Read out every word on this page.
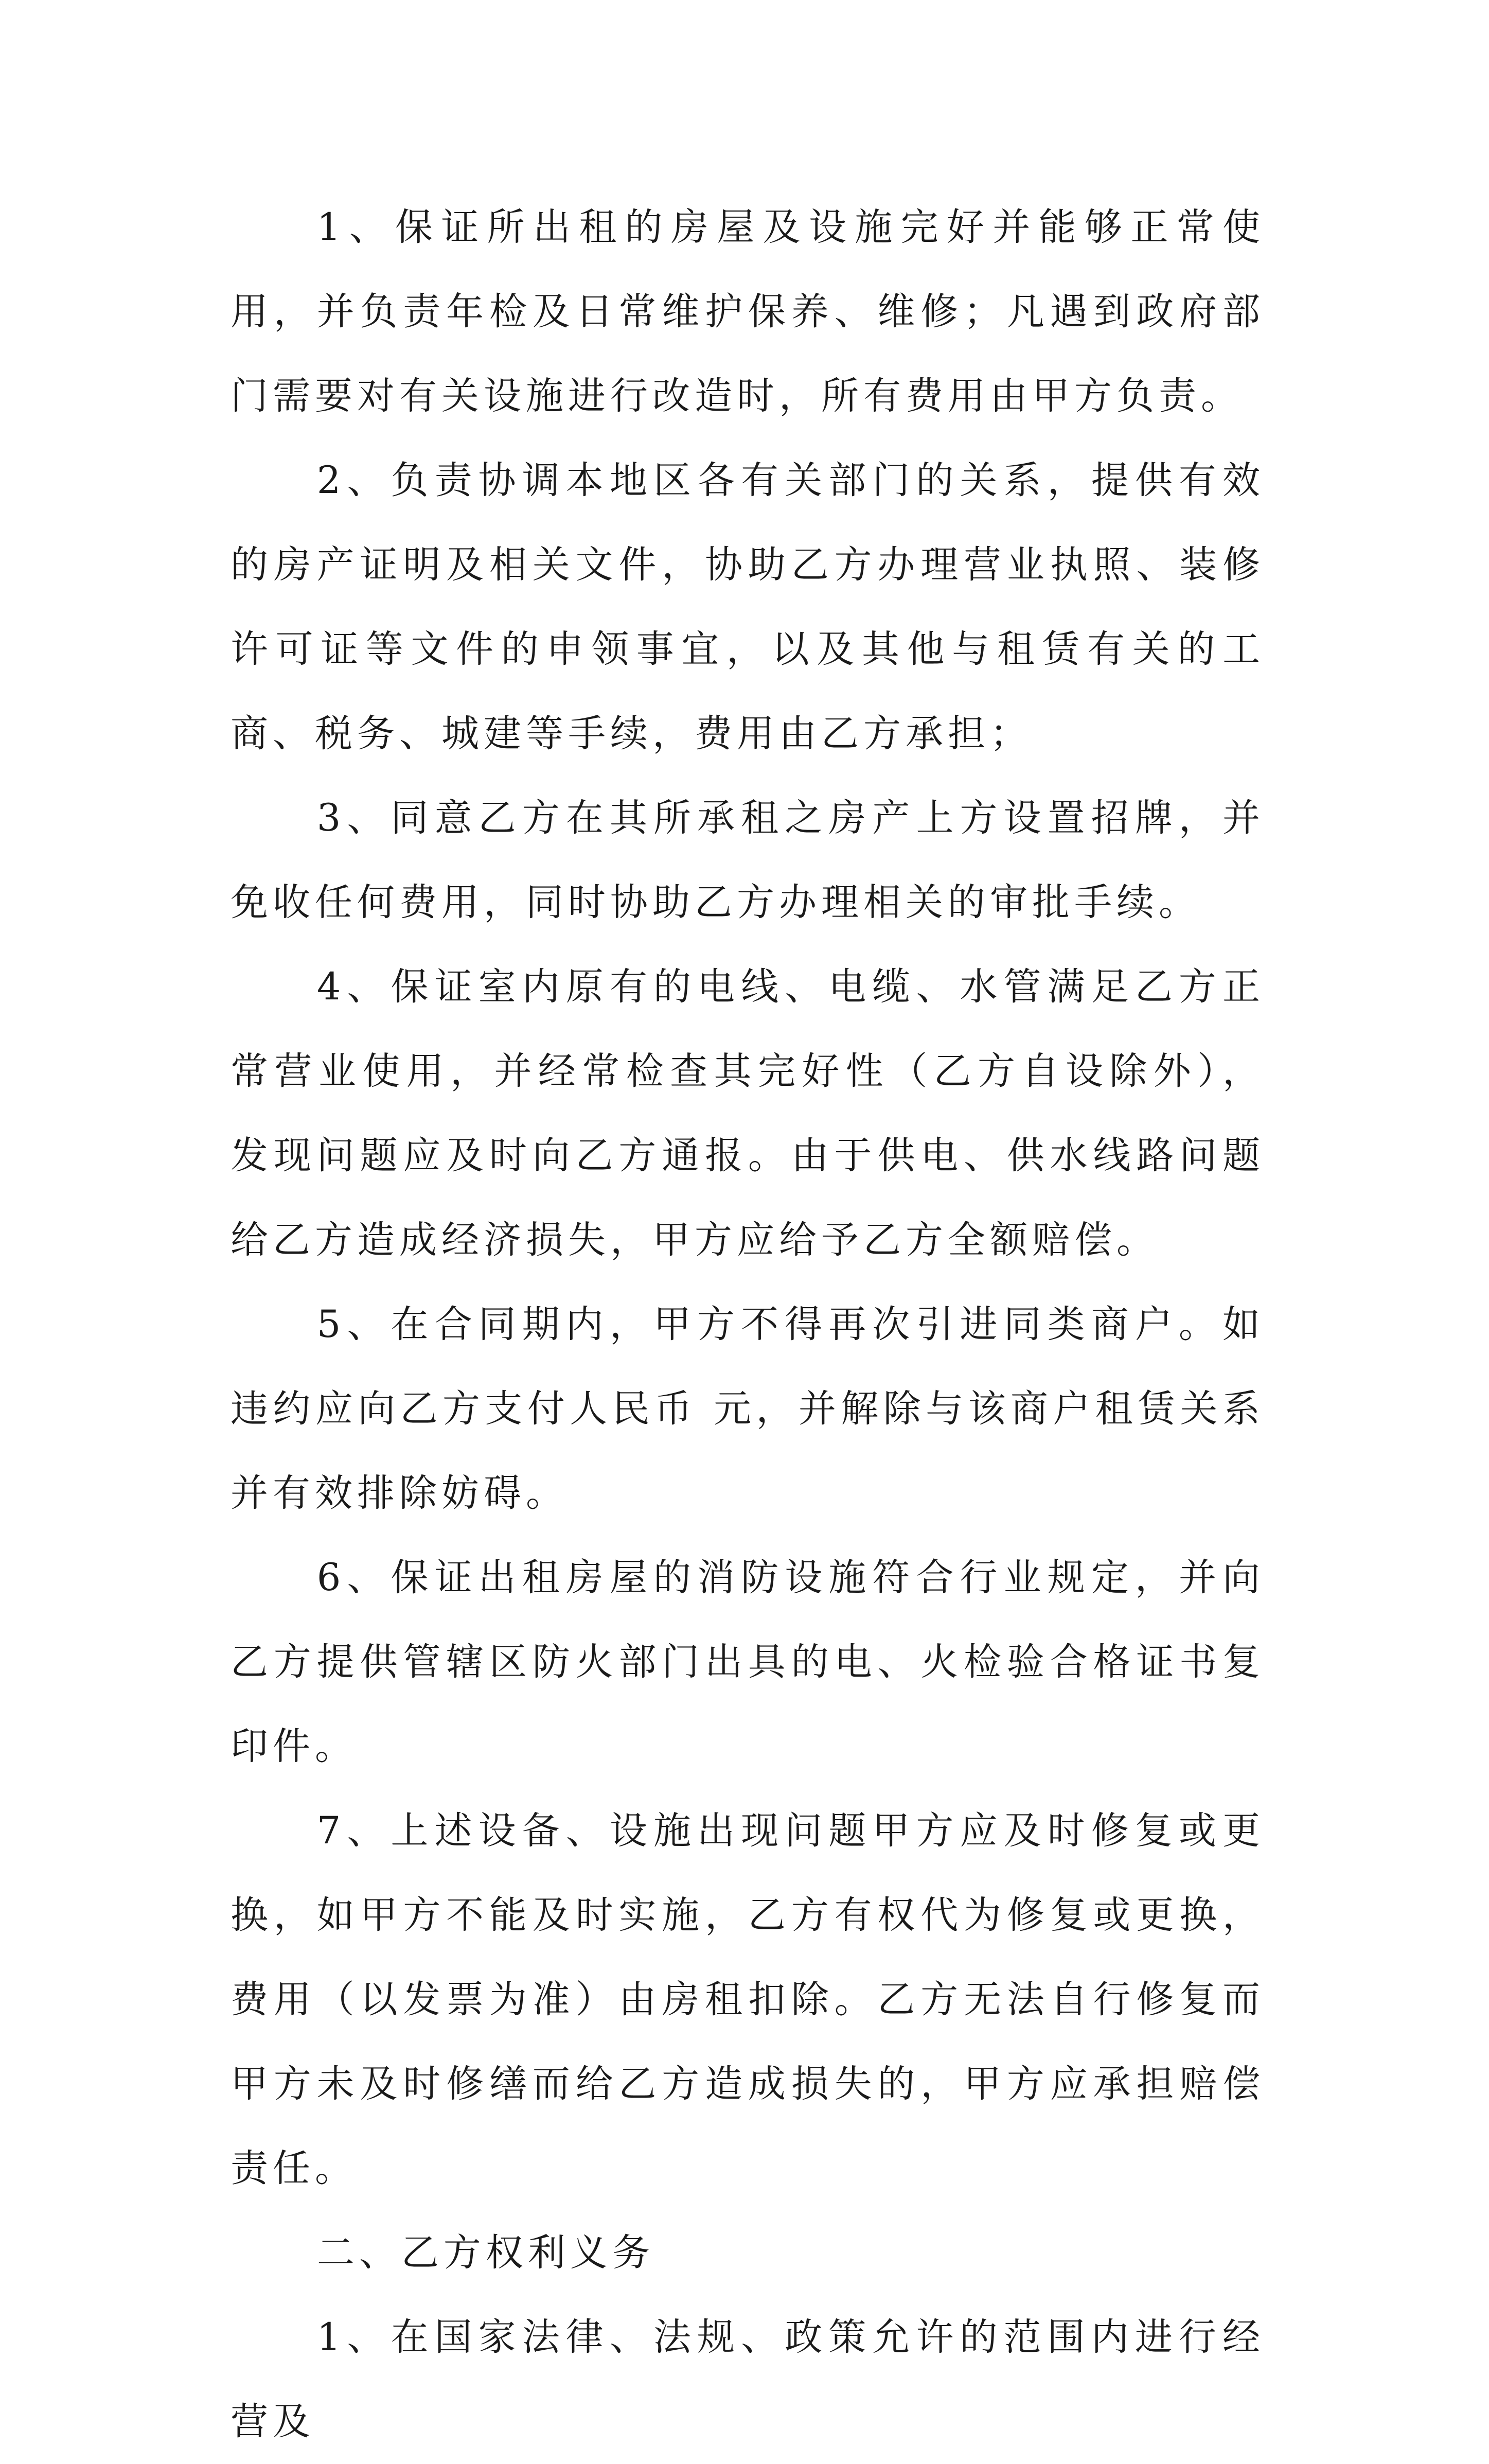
1、保证所出租的房屋及设施完好并能够正常使用，并负责年检及日常维护保养、维修；凡遇到政府部门需要对有关设施进行改造时，所有费用由甲方负责。

2、负责协调本地区各有关部门的关系，提供有效的房产证明及相关文件，协助乙方办理营业执照、装修许可证等文件的申领事宜，以及其他与租赁有关的工商、税务、城建等手续，费用由乙方承担；

3、同意乙方在其所承租之房产上方设置招牌，并免收任何费用，同时协助乙方办理相关的审批手续。

4、保证室内原有的电线、电缆、水管满足乙方正常营业使用，并经常检查其完好性（乙方自设除外），发现问题应及时向乙方通报。由于供电、供水线路问题给乙方造成经济损失，甲方应给予乙方全额赔偿。

5、在合同期内，甲方不得再次引进同类商户。如违约应向乙方支付人民币 元，并解除与该商户租赁关系并有效排除妨碍。

6、保证出租房屋的消防设施符合行业规定，并向乙方提供管辖区防火部门出具的电、火检验合格证书复印件。

7、上述设备、设施出现问题甲方应及时修复或更换，如甲方不能及时实施，乙方有权代为修复或更换，费用（以发票为准）由房租扣除。乙方无法自行修复而甲方未及时修缮而给乙方造成损失的，甲方应承担赔偿责任。

二、乙方权利义务

1、在国家法律、法规、政策允许的范围内进行经营及
